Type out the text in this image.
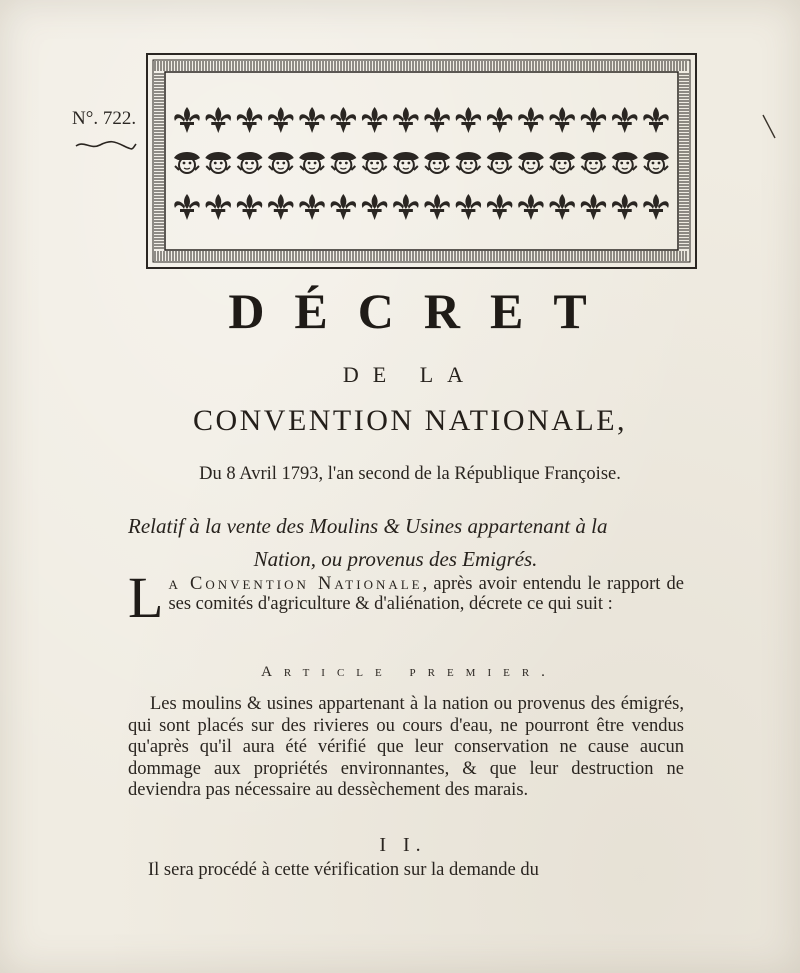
N°. 722.
DÉCRET
DE LA
CONVENTION NATIONALE,
Du 8 Avril 1793, l'an second de la République Françoise.
Relatif à la vente des Moulins & Usines appartenant à la
Nation, ou provenus des Emigrés.
La Convention Nationale, après avoir entendu le rapport de ses comités d'agriculture & d'aliénation, décrete ce qui suit :
Article premier.
Les moulins & usines appartenant à la nation ou provenus des émigrés, qui sont placés sur des rivieres ou cours d'eau, ne pourront être vendus qu'après qu'il aura été vérifié que leur conservation ne cause aucun dommage aux propriétés environnantes, & que leur destruction ne deviendra pas nécessaire au dessèchement des marais.
I I.
Il sera procédé à cette vérification sur la demande du
